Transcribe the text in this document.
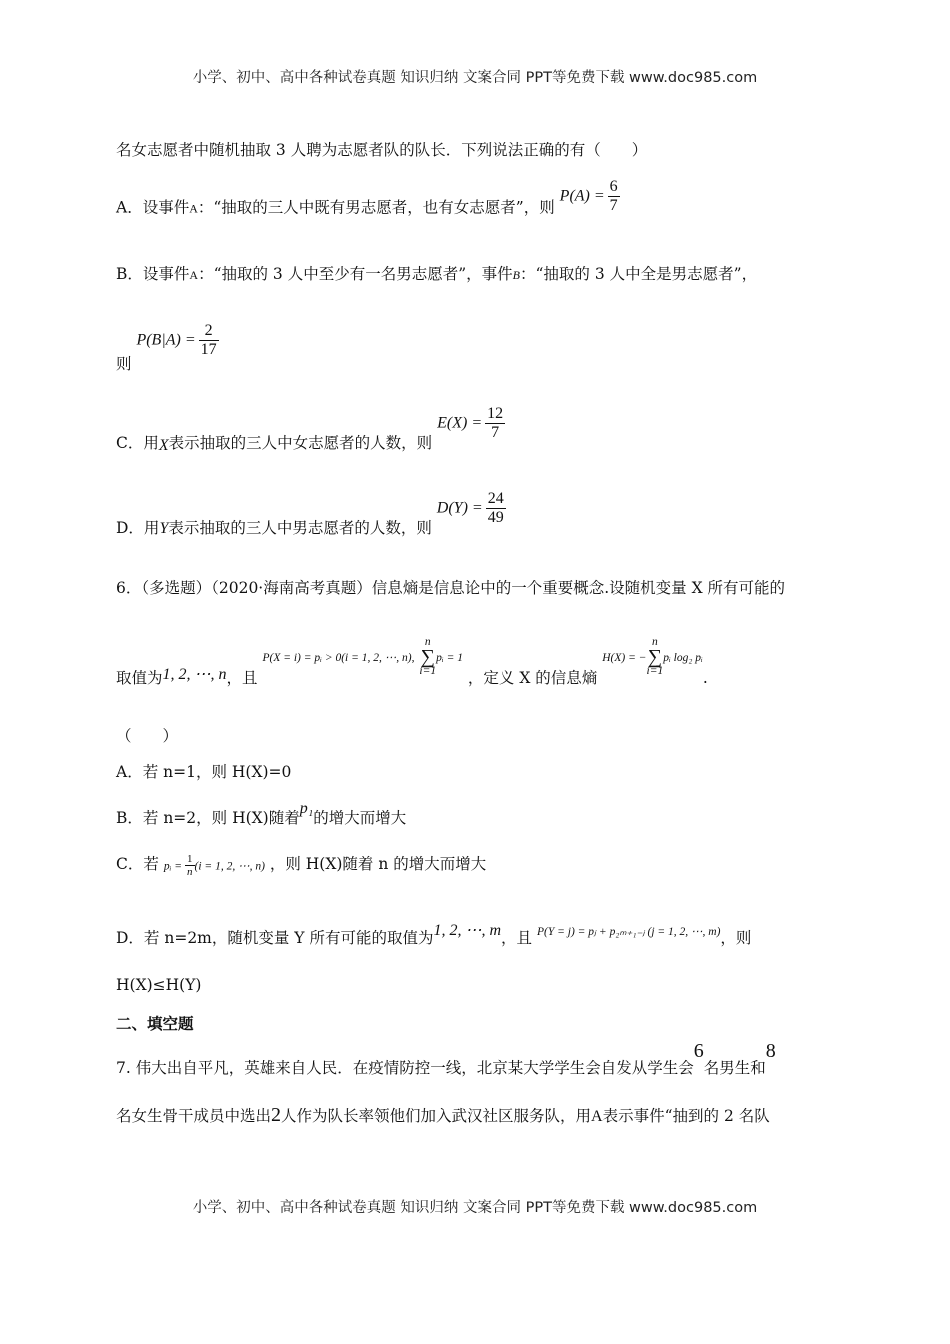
小学、初中、高中各种试卷真题 知识归纳 文案合同 PPT等免费下载 www.doc985.com
名女志愿者中随机抽取 3 人聘为志愿者队的队长．下列说法正确的有（　　）
A．设事件A：“抽取的三人中既有男志愿者，也有女志愿者”，则 $P(A) = \frac{6}{7}$
B．设事件A：“抽取的 3 人中至少有一名男志愿者”，事件B：“抽取的 3 人中全是男志愿者”，
则 $P(B|A) = \frac{2}{17}$
C．用X表示抽取的三人中女志愿者的人数，则 $E(X) = \frac{12}{7}$
D．用Y表示抽取的三人中男志愿者的人数，则 $D(Y) = \frac{24}{49}$
6．（多选题）（2020·海南高考真题）信息熵是信息论中的一个重要概念.设随机变量 X 所有可能的
取值为1, 2, ⋯, n，且 P(X = i) = pᵢ > 0(i = 1, 2, ⋯, n), n
∑
i=1pᵢ = 1 ，定义 X 的信息熵 H(X) = −n
∑
i=1pᵢ log₂ pᵢ.
（　　）
A．若 n=1，则 H(X)=0
B．若 n=2，则 H(X)随着p₁的增大而增大
C．若 pᵢ = $\frac{1}{n} (i = 1$, 2, ⋯, n) ，则 H(X)随着 n 的增大而增大
D．若 n=2m，随机变量 Y 所有可能的取值为1, 2, ⋯, m，且 P(Y = j) = pⱼ + p₂ₘ₊₁₋ⱼ (j = 1, 2, ⋯, m)，则
H(X)≤H(Y)
二、填空题
7. 伟大出自平凡，英雄来自人民．在疫情防控一线，北京某大学学生会自发从学生会6名男生和8
名女生骨干成员中选出2人作为队长率领他们加入武汉社区服务队，用A表示事件“抽到的 2 名队
小学、初中、高中各种试卷真题 知识归纳 文案合同 PPT等免费下载 www.doc985.com
